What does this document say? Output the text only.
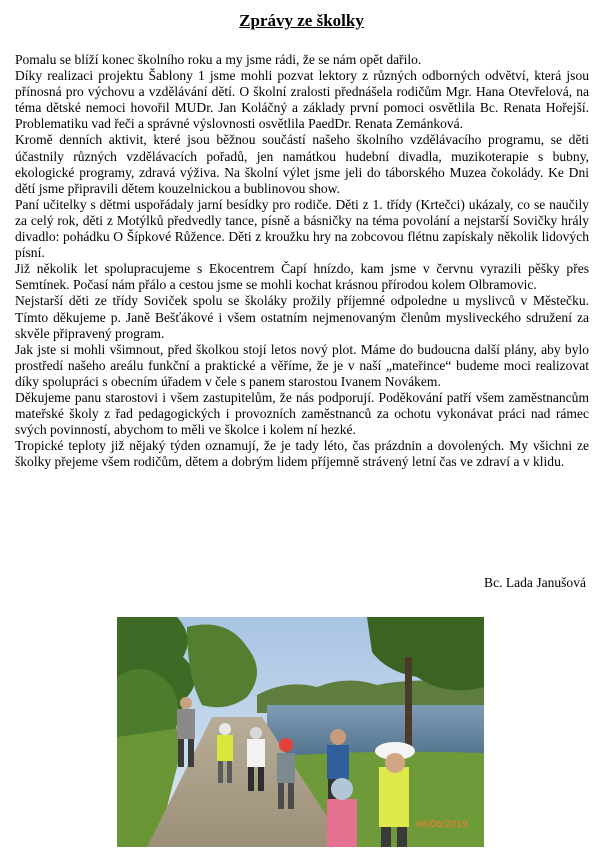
Zprávy ze školky

Pomalu se blíží konec školního roku a my jsme rádi, že se nám opět dařilo.

Díky realizaci projektu Šablony 1 jsme mohli pozvat lektory z různých odborných odvětví, která jsou přínosná pro výchovu a vzdělávání dětí. O školní zralosti přednášela rodičům Mgr. Hana Otevřelová, na téma dětské nemoci hovořil MUDr. Jan Koláčný a základy první pomoci osvětlila Bc. Renata Hořejší. Problematiku vad řeči a správné výslovnosti osvětlila PaedDr. Renata Zemánková.

Kromě denních aktivit, které jsou běžnou součástí našeho školního vzdělávacího programu, se děti účastnily různých vzdělávacích pořadů, jen namátkou hudební divadla, muzikoterapie s bubny, ekologické programy, zdravá výživa. Na školní výlet jsme jeli do táborského Muzea čokolády. Ke Dni dětí jsme připravili dětem kouzelnickou a bublinovou show.

Paní učitelky s dětmi uspořádaly jarní besídky pro rodiče. Děti z 1. třídy (Krtečci) ukázaly, co se naučily za celý rok, děti z Motýlků předvedly tance, písně a básničky na téma povolání a nejstarší Sovičky hrály divadlo: pohádku O Šípkové Růžence. Děti z kroužku hry na zobcovou flétnu zapískaly několik lidových písní.

Již několik let spolupracujeme s Ekocentrem Čapí hnízdo, kam jsme v červnu vyrazili pěšky přes Semtínek. Počasí nám přálo a cestou jsme se mohli kochat krásnou přírodou kolem Olbramovic.

Nejstarší děti ze třídy Soviček spolu se školáky prožily příjemné odpoledne u myslivců v Městečku. Tímto děkujeme p. Janě Bešťákové i všem ostatním nejmenovaným členům mysliveckého sdružení za skvěle připravený program.

Jak jste si mohli všimnout, před školkou stojí letos nový plot. Máme do budoucna další plány, aby bylo prostředí našeho areálu funkční a praktické a věříme, že je v naší „mateřince“ budeme moci realizovat díky spolupráci s obecním úřadem v čele s panem starostou Ivanem Novákem.

Děkujeme panu starostovi i všem zastupitelům, že nás podporují. Poděkování patří všem zaměstnancům mateřské školy z řad pedagogických i provozních zaměstnanců za ochotu vykonávat práci nad rámec svých povinností, abychom to měli ve školce i kolem ní hezké.

Tropické teploty již nějaký týden oznamují, že je tady léto, čas prázdnin a dovolených. My všichni ze školky přejeme všem rodičům, dětem a dobrým lidem příjemně strávený letní čas ve zdraví a v klidu.

Bc. Lada Janušová
06/06/2019
